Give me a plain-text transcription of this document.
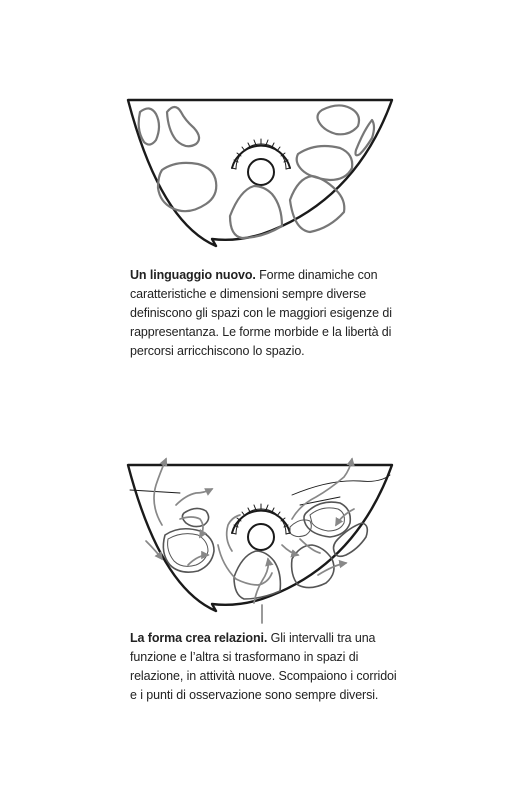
Un linguaggio nuovo. Forme dinamiche con caratteristiche e dimensioni sempre diverse definiscono gli spazi con le maggiori esigenze di rappresentanza. Le forme morbide e la libertà di percorsi arricchiscono lo spazio.
La forma crea relazioni. Gli intervalli tra una funzione e l’altra si trasformano in spazi di relazione, in attività nuove. Scompaiono i corridoi e i punti di osservazione sono sempre diversi.
